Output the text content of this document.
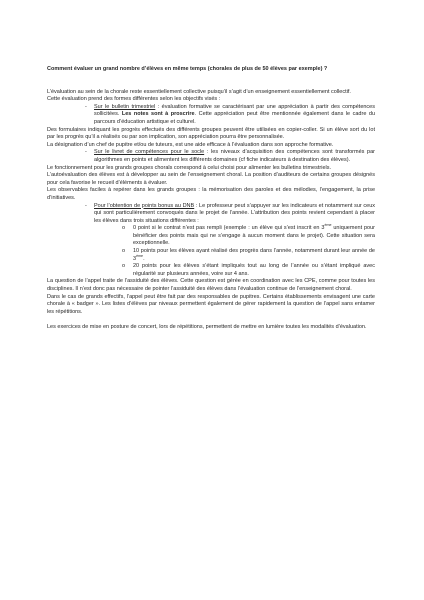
Comment évaluer un grand nombre d’élèves en même temps (chorales de plus de 50 élèves par exemple) ?

L’évaluation au sein de la chorale reste essentiellement collective puisqu’il s’agit d’un enseignement essentiellement collectif.

Cette évaluation prend des formes différentes selon les objectifs visés :

- Sur le bulletin trimestriel : évaluation formative se caractérisant par une appréciation à partir des compétences sollicitées. Les notes sont à proscrire. Cette appréciation peut être mentionnée également dans le cadre du parcours d’éducation artistique et culturel.

Des formulaires indiquant les progrès effectués des différents groupes peuvent être utilisées en copier-coller. Si un élève sort du lot par les progrès qu’il a réalisés ou par son implication, son appréciation pourra être personnalisée.

La désignation d’un chef de pupitre et/ou de tuteurs, est une aide efficace à l’évaluation dans son approche formative.

- Sur le livret de compétences pour le socle : les niveaux d’acquisition des compétences sont transformés par algorithmes en points et alimentent les différents domaines (cf fiche indicateurs à destination des élèves).

Le fonctionnement pour les grands groupes chorals correspond à celui choisi pour alimenter les bulletins trimestriels.

L’autoévaluation des élèves est à développer au sein de l’enseignement choral. La position d’auditeurs de certains groupes désignés pour cela favorise le recueil d’éléments à évaluer.

Les observables faciles à repérer dans les grands groupes : la mémorisation des paroles et des mélodies, l’engagement, la prise d’initiatives.

- Pour l’obtention de points bonus au DNB : Le professeur peut s’appuyer sur les indicateurs et notamment sur ceux qui sont particulièrement convoqués dans le projet de l’année. L’attribution des points revient cependant à placer les élèves dans trois situations différentes :
o 0 point si le contrat n’est pas rempli (exemple : un élève qui s’est inscrit en 3ème uniquement pour bénéficier des points mais qui ne s’engage à aucun moment dans le projet). Cette situation sera exceptionnelle.
o 10 points pour les élèves ayant réalisé des progrès dans l’année, notamment durant leur année de 3ème.
o 20 points pour les élèves s’étant impliqués tout au long de l’année ou s’étant impliqué avec régularité sur plusieurs années, voire sur 4 ans.

La question de l’appel traite de l’assiduité des élèves. Cette question est gérée en coordination avec les CPE, comme pour toutes les disciplines. Il n’est donc pas nécessaire de pointer l’assiduité des élèves dans l’évaluation continue de l’enseignement choral.

Dans le cas de grands effectifs, l’appel peut être fait par des responsables de pupitres. Certains établissements envisagent une carte chorale à « badger ». Les listes d’élèves par niveaux permettent également de gérer rapidement la question de l’appel sans entamer les répétitions.

Les exercices de mise en posture de concert, lors de répétitions, permettent de mettre en lumière toutes les modalités d’évaluation.
